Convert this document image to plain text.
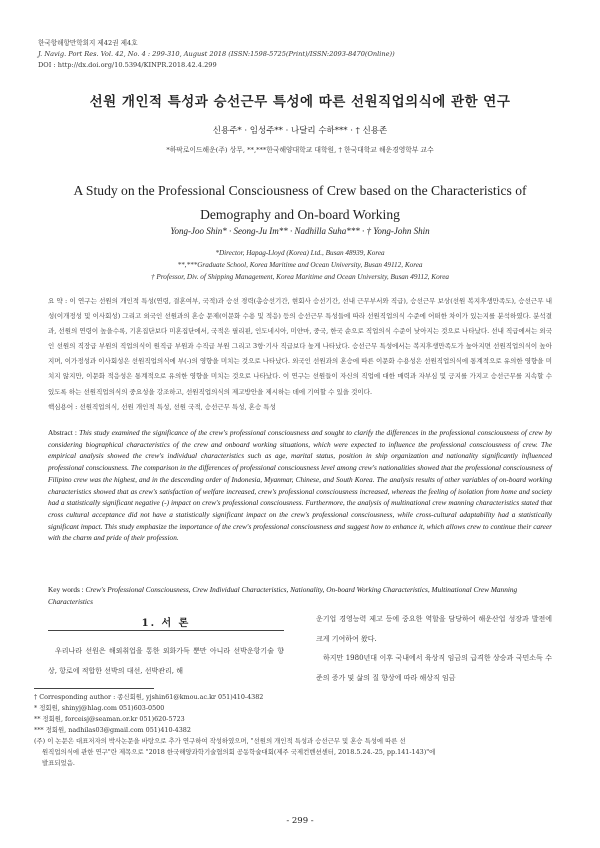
한국항해항만학회지 제42권 제4호
J. Navig. Port Res. Vol. 42, No. 4 : 299-310, August 2018 (ISSN:1598-5725(Print)/ISSN:2093-8470(Online))
DOI : http://dx.doi.org/10.5394/KINPR.2018.42.4.299
선원 개인적 특성과 승선근무 특성에 따른 선원직업의식에 관한 연구
신용주* · 임성주** · 나달리 수하*** · † 신용존
*하팍로이드해운(주) 상무, **,***한국해양대학교 대학원, † 한국대학교 해운경영학부 교수
A Study on the Professional Consciousness of Crew based on the Characteristics of Demography and On-board Working
Yong-Joo Shin* · Seong-Ju Im** · Nadhilla Suha*** · † Yong-John Shin
*Director, Hapag-Lloyd (Korea) Ltd., Busan 48939, Korea
**,***Graduate School, Korea Maritime and Ocean University, Busan 49112, Korea
† Professor, Div. of Shipping Management, Korea Maritime and Ocean University, Busan 49112, Korea
요 약 : 이 연구는 선원의 개인적 특성(연령, 결혼여부, 국적)과 승선 경력(총승선기간, 현회사 승선기간, 선내 근무부서와 직급), 승선근무 보상(선원 복지후생만족도), 승선근무 내성(이개정성 및 이사회성) 그리고 외국인 선원과의 혼승 문제(이문화 수용 및 적응) 등의 승선근무 특성들에 따라 선원직업의식 수준에 어떠한 차이가 있는지를 분석하였다. 분석결과, 선원의 연령이 높을수록, 기혼집단보다 미혼집단에서, 국적은 필리핀, 인도네시아, 미얀마, 중국, 한국 순으로 직업의식 수준이 낮아지는 것으로 나타났다. 선내 직급에서는 외국인 선원의 직장급 부원의 직업의식이 원직급 부원과 수직급 부원 그리고 3항·기사 직급보다 높게 나타났다. 승선근무 특성에서는 복지후생만족도가 높아지면 선원직업의식이 높아지며, 이가정성과 이사회성은 선원직업의식에 부(-)의 영향을 미치는 것으로 나타났다. 외국인 선원과의 혼승에 따른 이문화 수용성은 선원직업의식에 통계적으로 유의한 영향을 미치지 않지만, 이문화 적응성은 통계적으로 유의한 영향을 미치는 것으로 나타났다. 이 연구는 선원들이 자신의 직업에 대한 매력과 자부심 및 긍지를 가지고 승선근무를 지속할 수 있도록 하는 선원직업의식의 중요성을 강조하고, 선원직업의식의 제고방안을 제시하는 데에 기여할 수 있을 것이다.
핵심용어 : 선원직업의식, 선원 개인적 특성, 선원 국적, 승선근무 특성, 혼승 특성
Abstract : This study examined the significance of the crew's professional consciousness and sought to clarify the differences in the professional consciousness of crew by considering biographical characteristics of the crew and onboard working situations, which were expected to influence the professional consciousness of crew. The empirical analysis showed the crew's individual characteristics such as age, marital status, position in ship organization and nationality significantly influenced professional consciousness. The comparison in the differences of professional consciousness level among crew's nationalities showed that the professional consciousness of Filipino crew was the highest, and in the descending order of Indonesia, Myanmar, Chinese, and South Korea. The analysis results of other variables of on-board working characteristics showed that as crew's satisfaction of welfare increased, crew's professional consciousness increased, whereas the feeling of isolation from home and society had a statistically significant negative (-) impact on crew's professional consciousness. Furthermore, the analysis of multinational crew manning characteristics stated that cross cultural acceptance did not have a statistically significant impact on the crew's professional consciousness, while cross-cultural adaptability had a statistically significant impact. This study emphasize the importance of the crew's professional consciousness and suggest how to enhance it, which allows crew to continue their career with the charm and pride of their profession.
Key words : Crew's Professional Consciousness, Crew Individual Characteristics, Nationality, On-board Working Characteristics, Multinational Crew Manning Characteristics
1. 서 론

우리나라 선원은 해외취업을 통한 외화가득 뿐만 아니라 선박운항기술 향상, 항로에 적합한 선박의 대선, 선박관리, 해

운기업 경영능력 제고 등에 중요한 역할을 담당하여 해운산업 성장과 발전에 크게 기여하여 왔다.

하지만 1980년대 이후 국내에서 육상직 임금의 급격한 상승과 국민소득 수준의 증가 및 삶의 질 향상에 따라 해상직 임금

† Corresponding author : 종신회원, yjshin61@kmou.ac.kr 051)410-4382
* 정회원, shinyj@hlag.com 051)603-0500
** 정회원, forceisj@seaman.or.kr 051)620-5723
*** 정회원, nadhilas03@gmail.com 051)410-4382
(주) 이 논문은 대표저자의 박사논문을 바탕으로 추가 연구하여 작성하였으며, "선원의 개인적 특성과 승선근무 및 혼승 특성에 따른 선
원직업의식에 관한 연구"란 제목으로 "2018 한국해양과학기술협의회 공동학술대회(제주 국제컨벤션센터, 2018.5.24.-25, pp.141-143)"에
발표되었음.
- 299 -
